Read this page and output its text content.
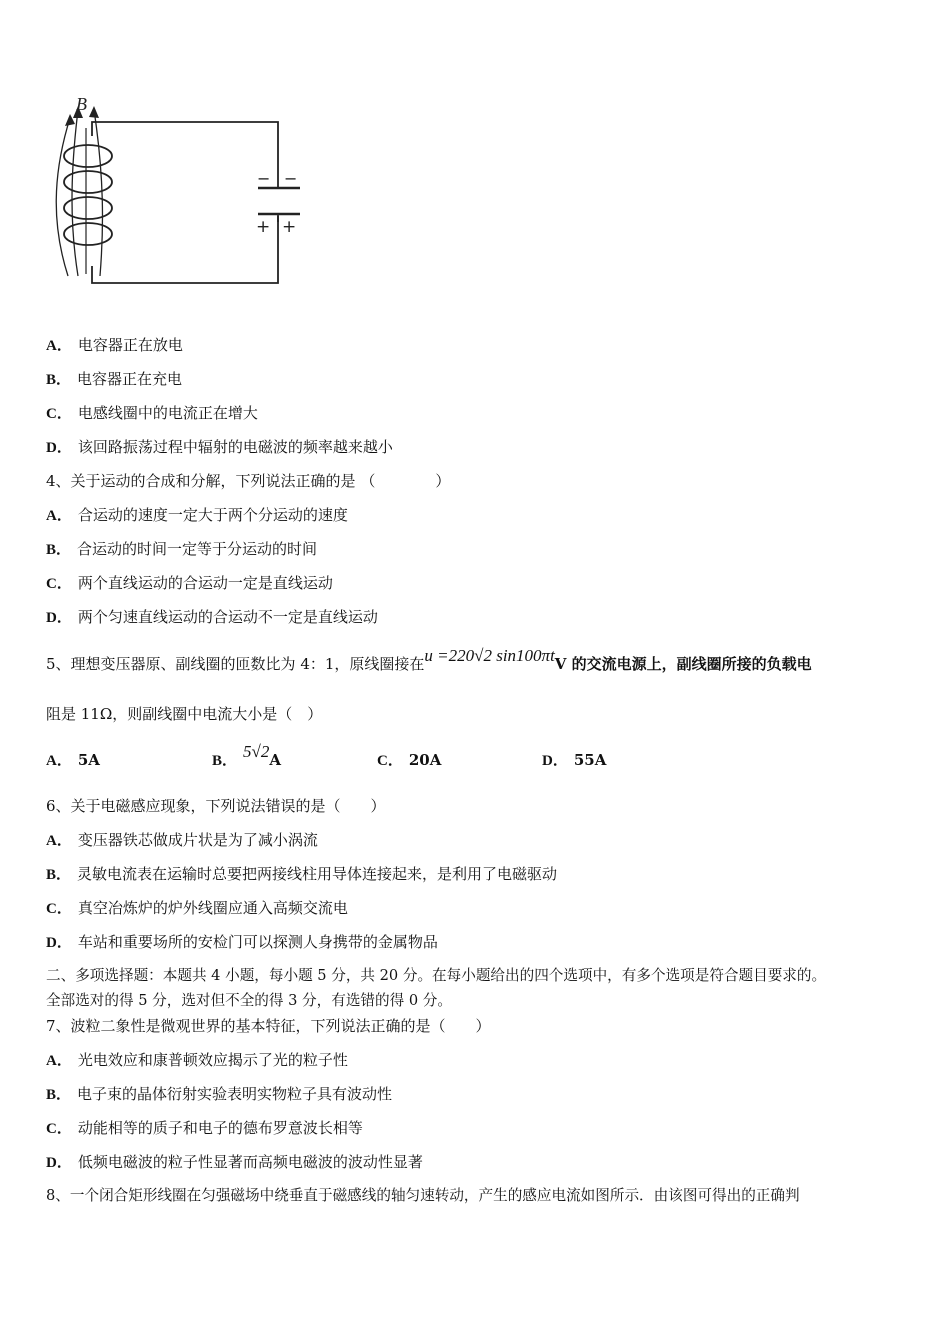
B
− −
+ +
A． 电容器正在放电
B． 电容器正在充电
C． 电感线圈中的电流正在增大
D． 该回路振荡过程中辐射的电磁波的频率越来越小
4、关于运动的合成和分解，下列说法正确的是 （　　　　）
A． 合运动的速度一定大于两个分运动的速度
B． 合运动的时间一定等于分运动的时间
C． 两个直线运动的合运动一定是直线运动
D． 两个匀速直线运动的合运动不一定是直线运动
5、理想变压器原、副线圈的匝数比为 4：1，原线圈接在u =220√2 sin100πtV 的交流电源上，副线圈所接的负载电
阻是 11Ω，则副线圈中电流大小是（　）
A． 5A	B． 5√2A	C． 20A	D． 55A
6、关于电磁感应现象，下列说法错误的是（　　）
A． 变压器铁芯做成片状是为了减小涡流
B． 灵敏电流表在运输时总要把两接线柱用导体连接起来，是利用了电磁驱动
C． 真空冶炼炉的炉外线圈应通入高频交流电
D． 车站和重要场所的安检门可以探测人身携带的金属物品
二、多项选择题：本题共 4 小题，每小题 5 分，共 20 分。在每小题给出的四个选项中，有多个选项是符合题目要求的。
全部选对的得 5 分，选对但不全的得 3 分，有选错的得 0 分。
7、波粒二象性是微观世界的基本特征，下列说法正确的是（　　）
A． 光电效应和康普顿效应揭示了光的粒子性
B． 电子束的晶体衍射实验表明实物粒子具有波动性
C． 动能相等的质子和电子的德布罗意波长相等
D． 低频电磁波的粒子性显著而高频电磁波的波动性显著
8、一个闭合矩形线圈在匀强磁场中绕垂直于磁感线的轴匀速转动，产生的感应电流如图所示．由该图可得出的正确判
